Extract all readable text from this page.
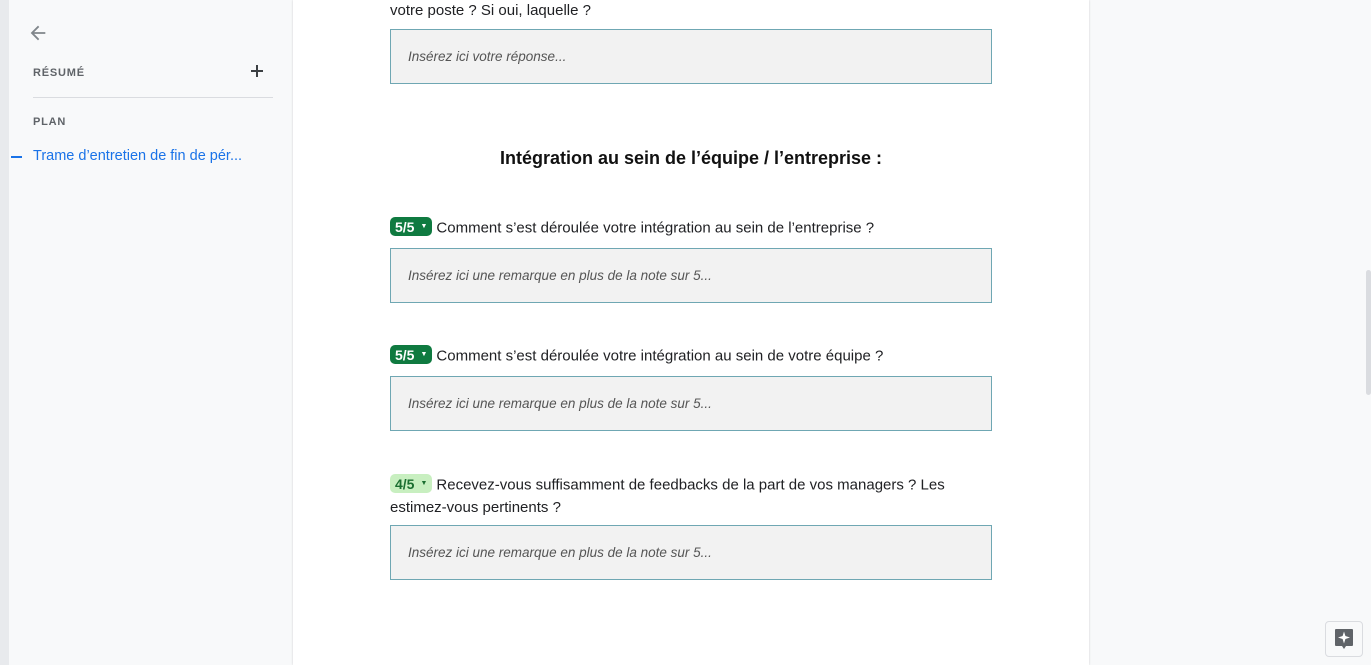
RÉSUMÉ
PLAN
Trame d’entretien de fin de pér...
votre poste ? Si oui, laquelle ?
Insérez ici votre réponse...
Intégration au sein de l’équipe / l’entreprise :
5/5 ▼ Comment s’est déroulée votre intégration au sein de l’entreprise ?
Insérez ici une remarque en plus de la note sur 5...
5/5 ▼ Comment s’est déroulée votre intégration au sein de votre équipe ?
Insérez ici une remarque en plus de la note sur 5...
4/5 ▼ Recevez-vous suffisamment de feedbacks de la part de vos managers ? Les estimez-vous pertinents ?
Insérez ici une remarque en plus de la note sur 5...
